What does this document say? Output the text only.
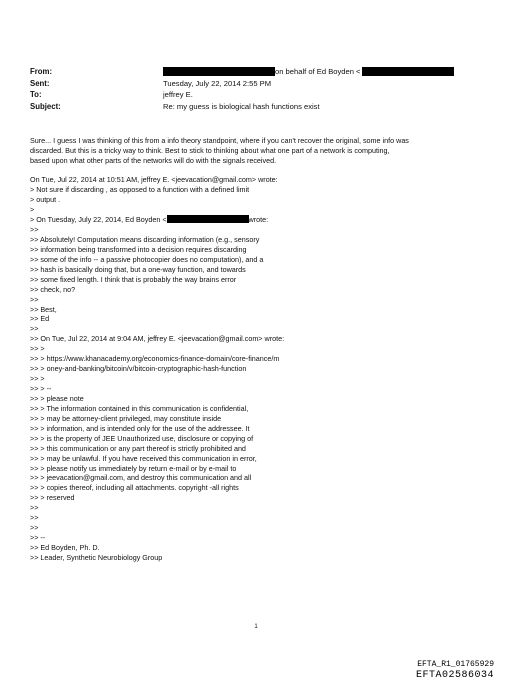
From:	on behalf of Ed Boyden <
Sent:	Tuesday, July 22, 2014 2:55 PM
To:	jeffrey E.
Subject:	Re: my guess is biological hash functions exist
Sure... I guess I was thinking of this from a info theory standpoint, where if you can't recover the original, some info was
discarded. But this is a tricky way to think. Best to stick to thinking about what one part of a network is computing,
based upon what other parts of the networks will do with the signals received.
On Tue, Jul 22, 2014 at 10:51 AM, jeffrey E. <jeevacation@gmail.com> wrote:
> Not sure if discarding , as opposed to a function with a defined limit
> output .
>
> On Tuesday, July 22, 2014, Ed Boyden <	wrote:
>>
>> Absolutely! Computation means discarding information (e.g., sensory
>> information being transformed into a decision requires discarding
>> some of the info -- a passive photocopier does no computation), and a
>> hash is basically doing that, but a one-way function, and towards
>> some fixed length. I think that is probably the way brains error
>> check, no?
>>
>> Best,
>> Ed
>>
>> On Tue, Jul 22, 2014 at 9:04 AM, jeffrey E. <jeevacation@gmail.com> wrote:
>> >
>> > https://www.khanacademy.org/economics-finance-domain/core-finance/m
>> > oney-and-banking/bitcoin/v/bitcoin-cryptographic-hash-function
>> >
>> > --
>> > please note
>> > The information contained in this communication is confidential,
>> > may be attorney-client privileged, may constitute inside
>> > information, and is intended only for the use of the addressee. It
>> > is the property of JEE Unauthorized use, disclosure or copying of
>> > this communication or any part thereof is strictly prohibited and
>> > may be unlawful. If you have received this communication in error,
>> > please notify us immediately by return e-mail or by e-mail to
>> > jeevacation@gmail.com, and destroy this communication and all
>> > copies thereof, including all attachments. copyright -all rights
>> > reserved
>>
>>
>>
>> --
>> Ed Boyden, Ph. D.
>> Leader, Synthetic Neurobiology Group
1
EFTA_R1_01765929
EFTA02586034
